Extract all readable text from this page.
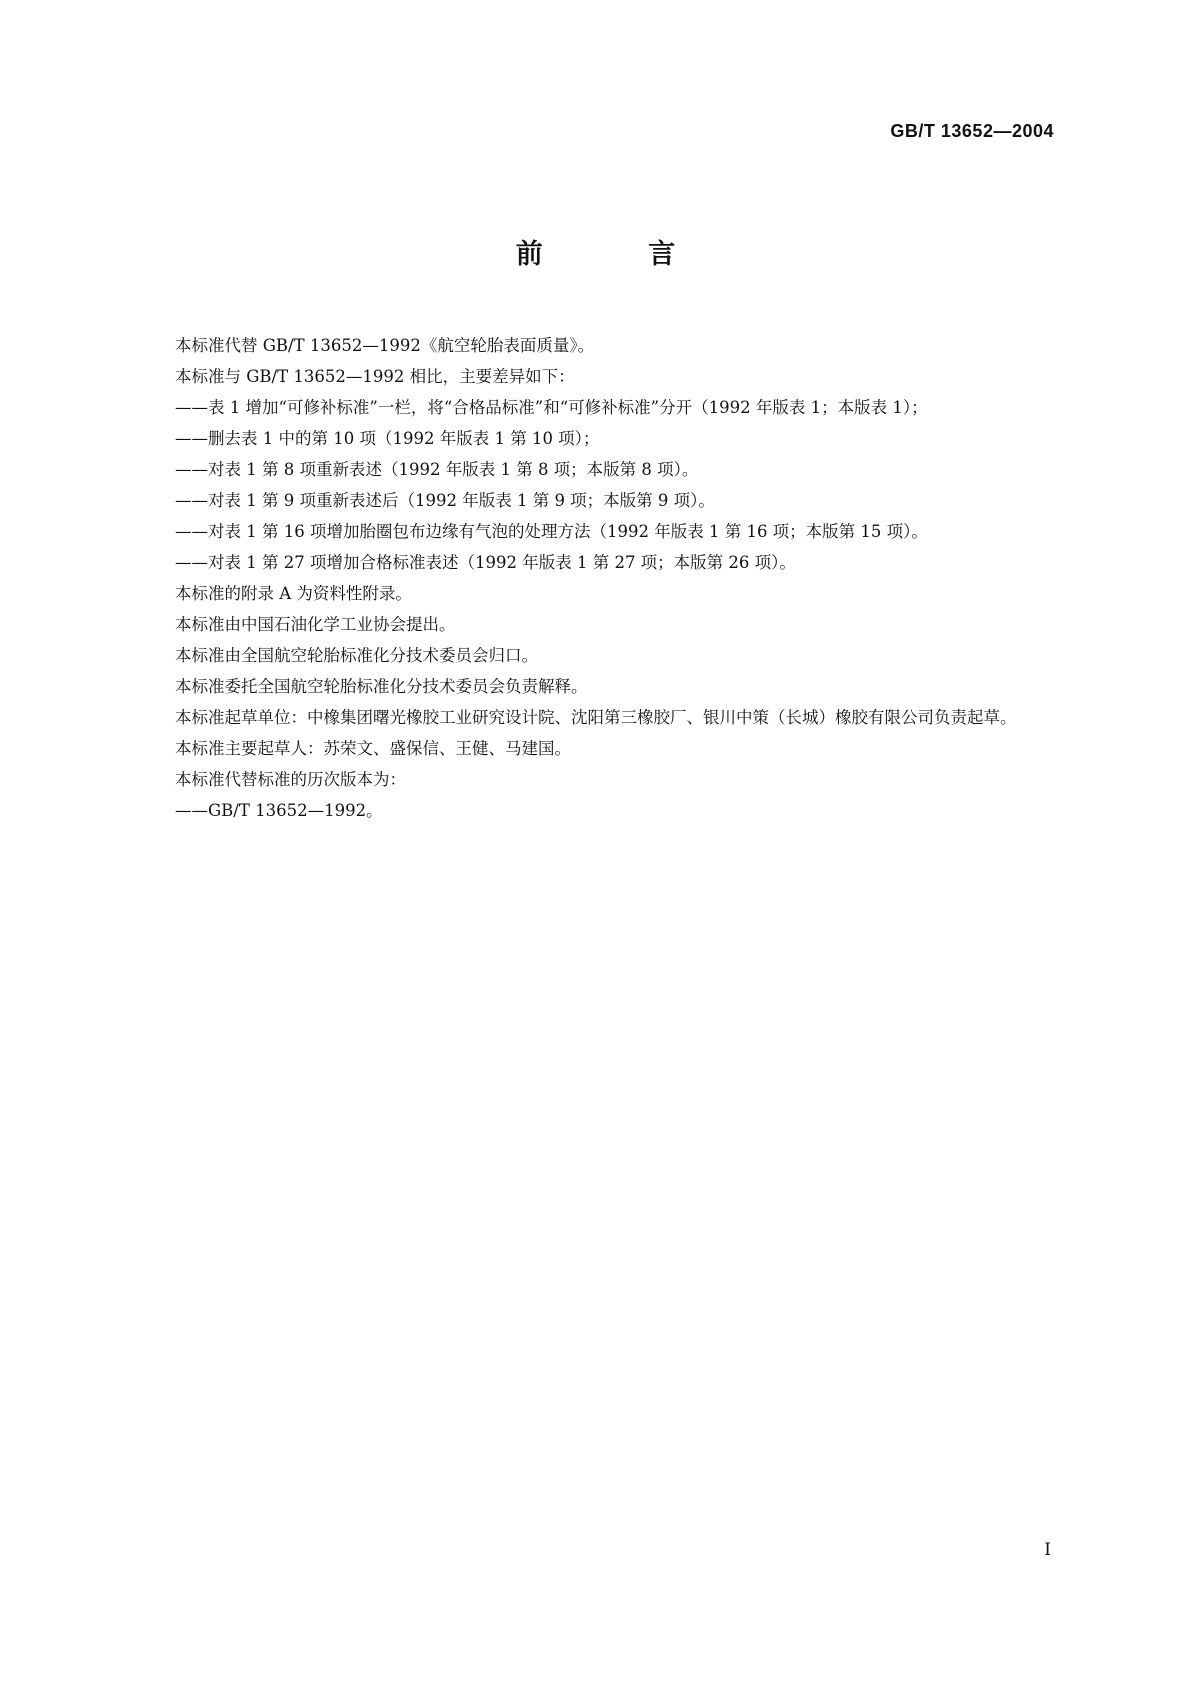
GB/T 13652—2004
前 言

本标准代替 GB/T 13652—1992《航空轮胎表面质量》。

本标准与 GB/T 13652—1992 相比，主要差异如下：

——表 1 增加“可修补标准”一栏，将“合格品标准”和“可修补标准”分开（1992 年版表 1；本版表 1）；

——删去表 1 中的第 10 项（1992 年版表 1 第 10 项）；

——对表 1 第 8 项重新表述（1992 年版表 1 第 8 项；本版第 8 项）。

——对表 1 第 9 项重新表述后（1992 年版表 1 第 9 项；本版第 9 项）。

——对表 1 第 16 项增加胎圈包布边缘有气泡的处理方法（1992 年版表 1 第 16 项；本版第 15 项）。

——对表 1 第 27 项增加合格标准表述（1992 年版表 1 第 27 项；本版第 26 项）。

本标准的附录 A 为资料性附录。

本标准由中国石油化学工业协会提出。

本标准由全国航空轮胎标准化分技术委员会归口。

本标准委托全国航空轮胎标准化分技术委员会负责解释。

本标准起草单位：中橡集团曙光橡胶工业研究设计院、沈阳第三橡胶厂、银川中策（长城）橡胶有限公司负责起草。

本标准主要起草人：苏荣文、盛保信、王健、马建国。

本标准代替标准的历次版本为：

——GB/T 13652—1992。

I
